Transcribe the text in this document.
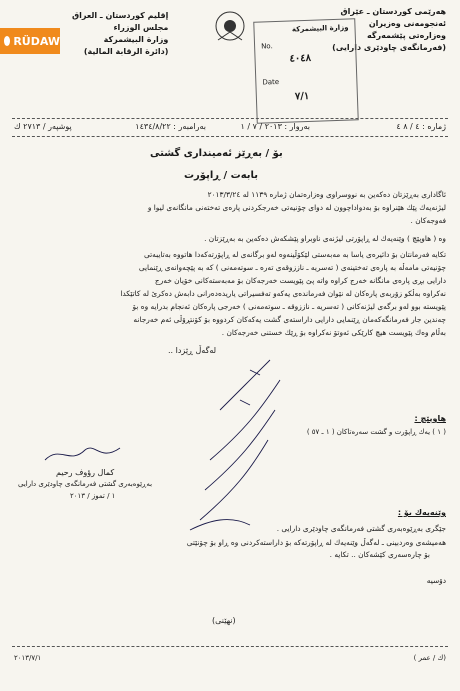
هەرێمی كوردستان ـ عێراق
ئەنجومەنی وەزیران
وەزارەتی پێشمەرگە
(فەرمانگەی چاودێری دارایی)
إقليم كوردستان ـ العراق
مجلس الوزراء
وزارة البيشمركة
(دائرة الرقابة المالية)
RÜDAW
وزارة البيشمركة
No.
٤٠٤٨
Date
٧/١
ژمارە : ٤ / ٨ ٤
بەروار : ٢٠١٣ / ٧ / ١
بەرامبەر : ١٤٣٤/٨/٢٢
پوشپەر / ٢٧١٣ ك
بۆ / بەڕێز ئەمینداری گشتی
بابەت / ڕاپۆرت
ئاگاداری بەڕێزتان دەكەین بە نووسراوی وەزارەتمان ژمارە ١١٣٩ لە ٢٠١٣/٣/٢٤
لیژنەیەك پێك هێنراوە بۆ بەدواداچوون لە دوای چۆنیەتی خەرجكردنی پارەی تەختەنی مانگانەی لیوا و
فەوجەكان .
وە ( هاوپێچ ) وێنەیەك لە ڕاپۆرتی لیژنەی ناوبراو پێشكەش دەكەین بە بەڕێزتان .
تكایە فەرمانتان بۆ دائیرەی یاسا بە مەبەستی لێكۆڵینەوە لەو برگانەی لە ڕاپۆرتەكەدا هاتووە بەتایبەتی
چۆنیەتی مامەڵە بە پارەی تەختینەی ( تەسریە ـ ناززوقەی تەرە ـ سوتەمەنی ) كە بە پێچەوانەی ڕێنمایی
دارایی بڕی پارەی مانگانە خەرج كراوە واتە پێ پێویست خەرجەكان بۆ مەبەستەكانی خۆیان خەرج
نەكراوە بەڵكو زۆربەی پارەكان لە نێوان فەرماندەی یەكەو تەفسیراتی یاریدەدەرانی دابەش دەكرێ لە كاتێكدا
پێویستە بوو لەو برگەی لیژنەكانی ( تەسریە ـ ناززوقە ـ سوتەمەنی ) خەرجی پارەكان ئەنجام بدرایە وە بۆ
چەندین جار فەرمانگەكەمان ڕێنمایی دارایی داراستەی گشت یەكەكان كردووە بۆ كۆنتڕۆڵی ئەم خەرجانە
بەڵام وەك پێویست هیچ كارێكی ئەوتۆ نەكراوە بۆ ڕێك خستنی خەرجەكان .
لەگەڵ ڕێزدا ..
كمال رؤوف رحیم
بەڕێوەبەری گشتی فەرمانگەی چاودێری دارایی
١ / تموز / ٢٠١٣
هاوپێچ :
( ١ ) یەك ڕاپۆرت و گشت سەرەتاكان ( ١ ـ ٥٧ )
وێنەیەك بۆ :
جێگری بەڕێوەبەری گشتی فەرمانگەی چاودێری دارایی .
هەمیشەی وەردبینی ـ لەگەڵ وێنەیەك لە ڕاپۆرتەكە بۆ داراستەكردنی وە ڕاو بۆ چۆنێتی
بۆ چارەسەری كێشەكان .. تكایە .
دۆسیە
(نهێنی)
(ك / عمر )
٢٠١٣/٧/١
